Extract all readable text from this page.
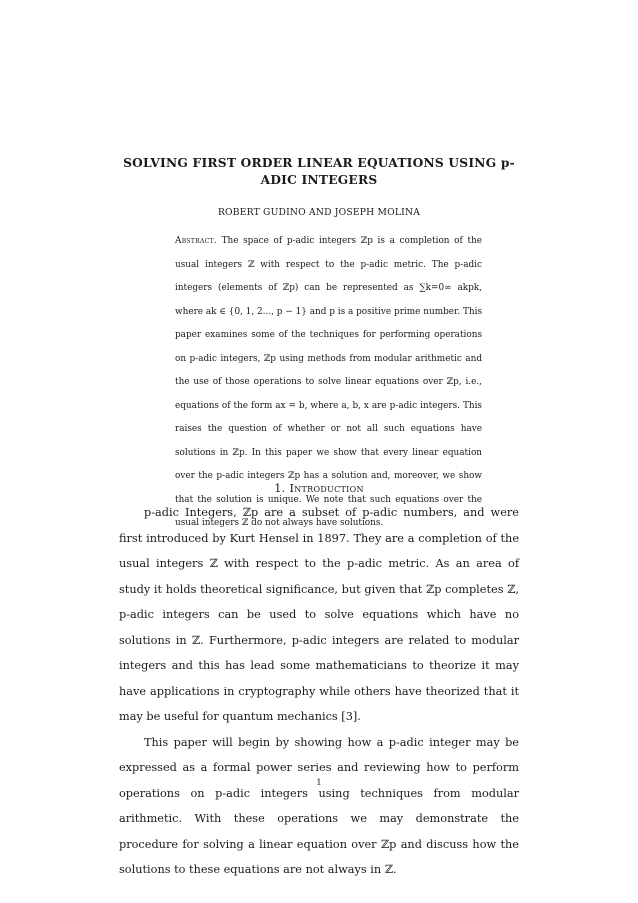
SOLVING FIRST ORDER LINEAR EQUATIONS USING p-ADIC INTEGERS
ROBERT GUDINO AND JOSEPH MOLINA
Abstract. The space of p-adic integers ℤp is a completion of the usual integers ℤ with respect to the p-adic metric. The p-adic integers (elements of ℤp) can be represented as ∑k=0∞ akpk, where ak ∈ {0, 1, 2..., p − 1} and p is a positive prime number. This paper examines some of the techniques for performing operations on p-adic integers, ℤp using methods from modular arithmetic and the use of those operations to solve linear equations over ℤp, i.e., equations of the form ax = b, where a, b, x are p-adic integers. This raises the question of whether or not all such equations have solutions in ℤp. In this paper we show that every linear equation over the p-adic integers ℤp has a solution and, moreover, we show that the solution is unique. We note that such equations over the usual integers ℤ do not always have solutions.
1. Introduction

p-adic Integers, ℤp are a subset of p-adic numbers, and were first introduced by Kurt Hensel in 1897. They are a completion of the usual integers ℤ with respect to the p-adic metric. As an area of study it holds theoretical significance, but given that ℤp completes ℤ, p-adic integers can be used to solve equations which have no solutions in ℤ. Furthermore, p-adic integers are related to modular integers and this has lead some mathematicians to theorize it may have applications in cryptography while others have theorized that it may be useful for quantum mechanics [3].

This paper will begin by showing how a p-adic integer may be expressed as a formal power series and reviewing how to perform operations on p-adic integers using techniques from modular arithmetic. With these operations we may demonstrate the procedure for solving a linear equation over ℤp and discuss how the solutions to these equations are not always in ℤ.

1
